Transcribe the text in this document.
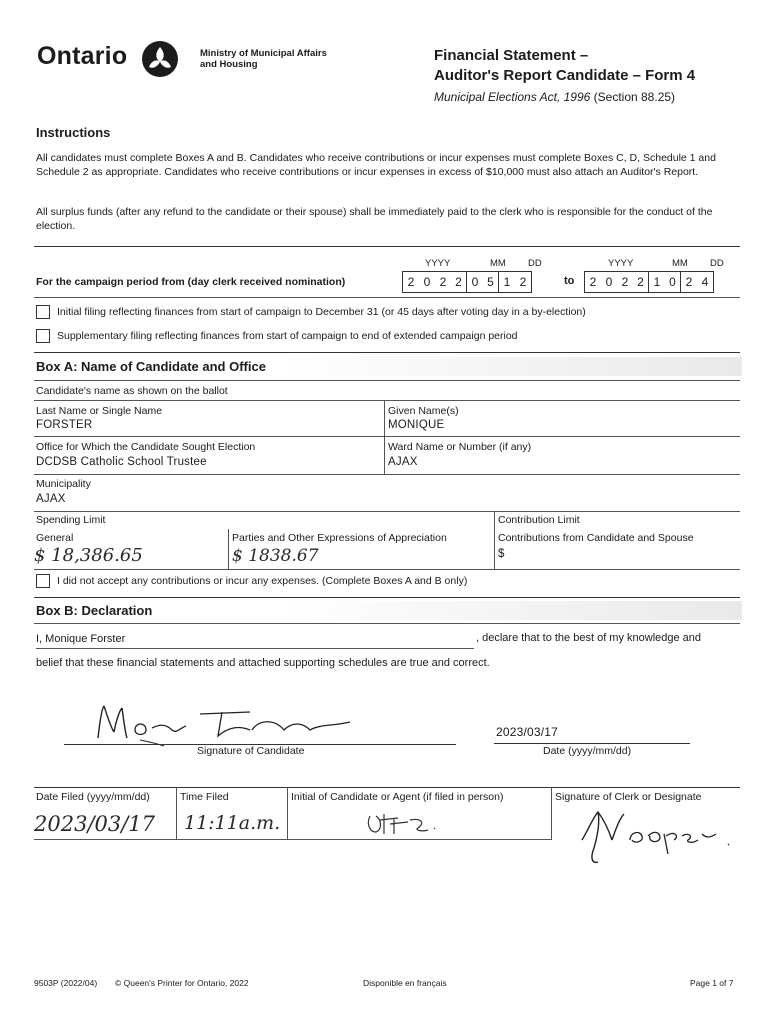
Ontario	Ministry of Municipal Affairs
and Housing
Financial Statement –
Auditor's Report Candidate – Form 4
Municipal Elections Act, 1996 (Section 88.25)
Instructions
All candidates must complete Boxes A and B. Candidates who receive contributions or incur expenses must complete Boxes C, D, Schedule 1 and Schedule 2 as appropriate. Candidates who receive contributions or incur expenses in excess of $10,000 must also attach an Auditor's Report.
All surplus funds (after any refund to the candidate or their spouse) shall be immediately paid to the clerk who is responsible for the conduct of the election.
YYYY	MM DD	YYYY	MM DD
For the campaign period from (day clerk received nomination)	2 0 2 2 0 5 1 2	to	2 0 2 2 1 0 2 4
Initial filing reflecting finances from start of campaign to December 31 (or 45 days after voting day in a by-election)
Supplementary filing reflecting finances from start of campaign to end of extended campaign period
Box A: Name of Candidate and Office
Candidate's name as shown on the ballot
Last Name or Single Name
FORSTER
Given Name(s)
MONIQUE
Office for Which the Candidate Sought Election
DCDSB Catholic School Trustee
Ward Name or Number (if any)
AJAX
Municipality
AJAX
Spending Limit
General
$ 18,386.65
Parties and Other Expressions of Appreciation
$ 1838.67
Contribution Limit
Contributions from Candidate and Spouse
$
I did not accept any contributions or incur any expenses. (Complete Boxes A and B only)
Box B: Declaration
I, Monique Forster	, declare that to the best of my knowledge and
belief that these financial statements and attached supporting schedules are true and correct.
Signature of Candidate
2023/03/17
Date (yyyy/mm/dd)
Date Filed (yyyy/mm/dd)
2023/03/17
Time Filed
11:11a.m.
Initial of Candidate or Agent (if filed in person)	Signature of Clerk or Designate
9503P (2022/04) © Queen's Printer for Ontario, 2022	Disponible en français	Page 1 of 7
